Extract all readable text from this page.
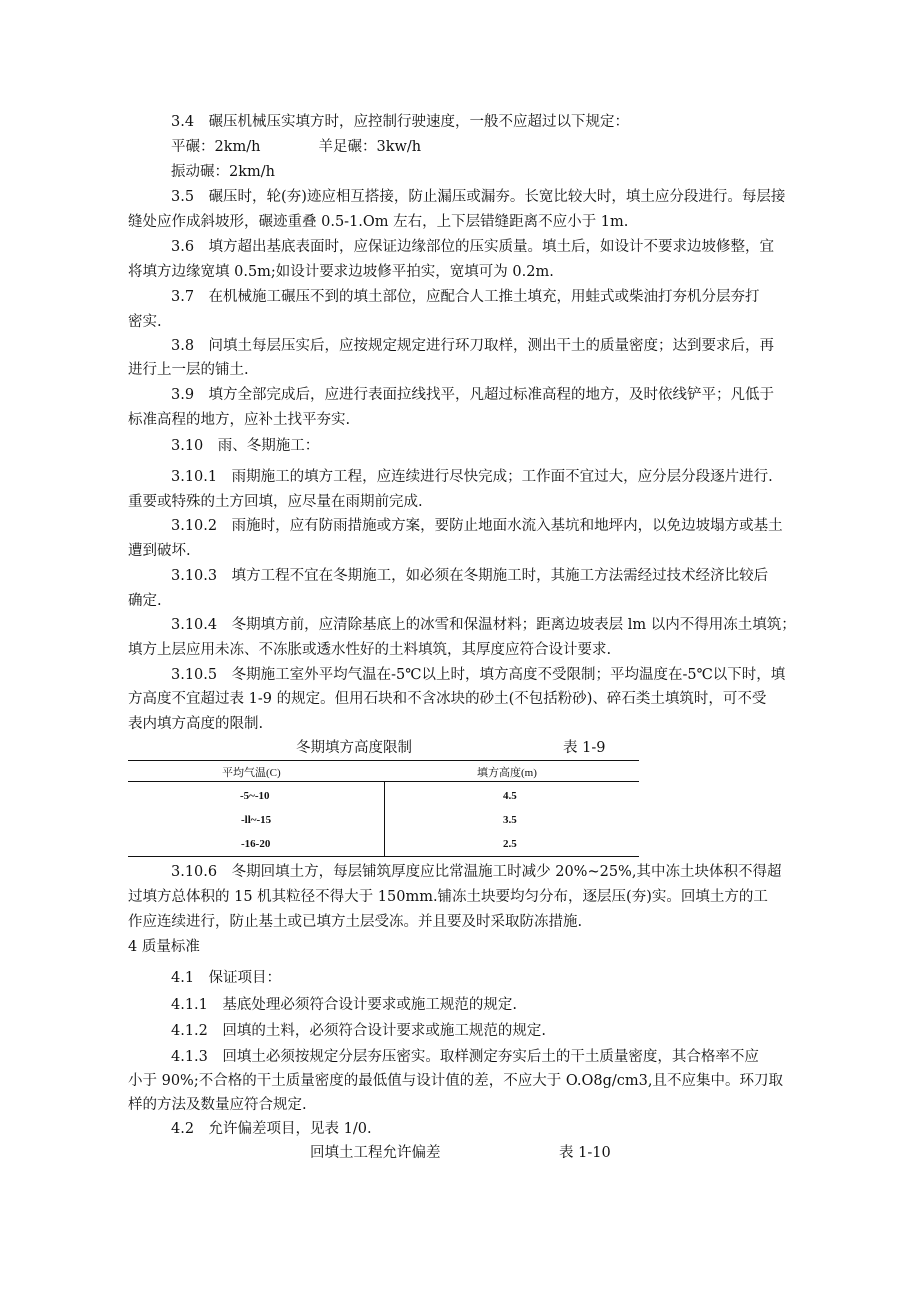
3.4　碾压机械压实填方时，应控制行驶速度，一般不应超过以下规定：
平碾：2km/h　　　　羊足碾：3kw/h
振动碾：2km/h
3.5　碾压时，轮(夯)迹应相互搭接，防止漏压或漏夯。长宽比较大时，填土应分段进行。每层接
缝处应作成斜坡形，碾迹重叠 0.5-1.Om 左右，上下层错缝距离不应小于 1m.
3.6　填方超出基底表面时，应保证边缘部位的压实质量。填土后，如设计不要求边坡修整，宜
将填方边缘宽填 0.5m;如设计要求边坡修平拍实，宽填可为 0.2m.
3.7　在机械施工碾压不到的填土部位，应配合人工推土填充，用蛙式或柴油打夯机分层夯打
密实.
3.8　问填土每层压实后，应按规定规定进行环刀取样，测出干土的质量密度；达到要求后，再
进行上一层的铺土.
3.9　填方全部完成后，应进行表面拉线找平，凡超过标准高程的地方，及时依线铲平；凡低于
标准高程的地方，应补土找平夯实.
3.10　雨、冬期施工：
3.10.1　雨期施工的填方工程，应连续进行尽快完成；工作面不宜过大，应分层分段逐片进行.
重要或特殊的土方回填，应尽量在雨期前完成.
3.10.2　雨施时，应有防雨措施或方案，要防止地面水流入基坑和地坪内，以免边坡塌方或基土
遭到破坏.
3.10.3　填方工程不宜在冬期施工，如必须在冬期施工时，其施工方法需经过技术经济比较后
确定.
3.10.4　冬期填方前，应清除基底上的冰雪和保温材料；距离边坡表层 lm 以内不得用冻土填筑；
填方上层应用未冻、不冻胀或透水性好的土料填筑，其厚度应符合设计要求.
3.10.5　冬期施工室外平均气温在-5℃以上时，填方高度不受限制；平均温度在-5℃以下时，填
方高度不宜超过表 1-9 的规定。但用石块和不含冰块的砂土(不包括粉砂)、碎石类土填筑时，可不受
表内填方高度的限制.
冬期填方高度限制	表 1-9
平均气温(C)	填方高度(m)
-5~-10	4.5
-ll~-15	3.5
-16-20	2.5
3.10.6　冬期回填土方，每层铺筑厚度应比常温施工时减少 20%~25%,其中冻土块体积不得超
过填方总体积的 15 机其粒径不得大于 150mm.铺冻土块要均匀分布，逐层压(夯)实。回填土方的工
作应连续进行，防止基土或已填方土层受冻。并且要及时采取防冻措施.
4 质量标准
4.1　保证项目：
4.1.1　基底处理必须符合设计要求或施工规范的规定.
4.1.2　回填的土料，必须符合设计要求或施工规范的规定.
4.1.3　回填土必须按规定分层夯压密实。取样测定夯实后土的干土质量密度，其合格率不应
小于 90%;不合格的干土质量密度的最低值与设计值的差，不应大于 O.O8g/cm3,且不应集中。环刀取
样的方法及数量应符合规定.
4.2　允许偏差项目，见表 1/0.
回填土工程允许偏差	表 1-10
